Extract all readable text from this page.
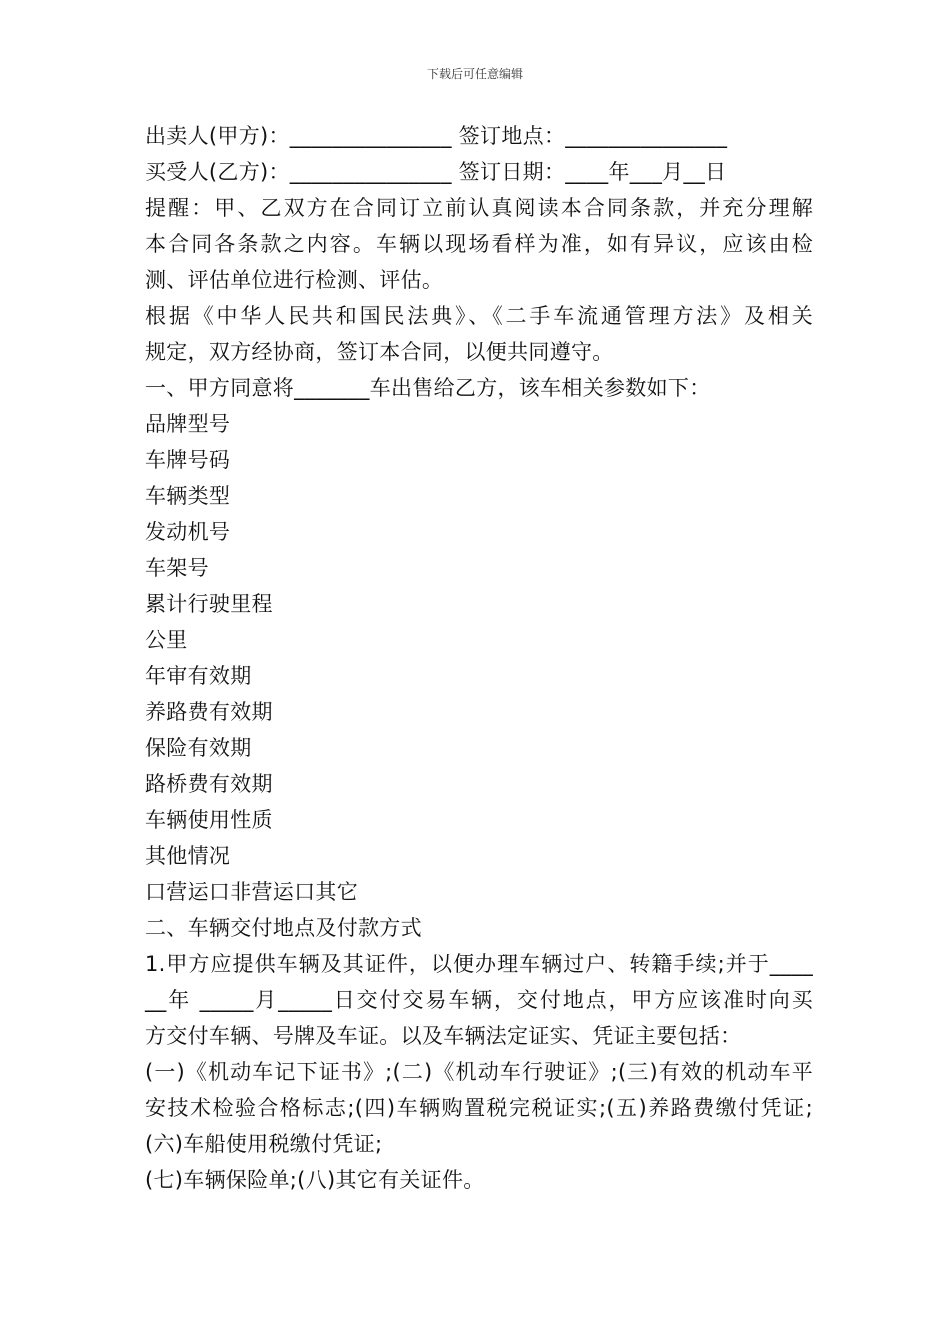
下载后可任意编辑
出卖人(甲方)：_______________ 签订地点：_______________
买受人(乙方)：_______________ 签订日期：____年___月__日
提醒：甲、乙双方在合同订立前认真阅读本合同条款，并充分理解
本合同各条款之内容。车辆以现场看样为准，如有异议，应该由检
测、评估单位进行检测、评估。
根据《中华人民共和国民法典》、《二手车流通管理方法》及相关
规定，双方经协商，签订本合同，以便共同遵守。
一、甲方同意将_______车出售给乙方，该车相关参数如下：
品牌型号
车牌号码
车辆类型
发动机号
车架号
累计行驶里程
公里
年审有效期
养路费有效期
保险有效期
路桥费有效期
车辆使用性质
其他情况
口营运口非营运口其它
二、车辆交付地点及付款方式
1.甲方应提供车辆及其证件，以便办理车辆过户、转籍手续;并于____
__年 _____月_____日交付交易车辆，交付地点，甲方应该准时向买
方交付车辆、号牌及车证。以及车辆法定证实、凭证主要包括：
(一)《机动车记下证书》;(二)《机动车行驶证》;(三)有效的机动车平
安技术检验合格标志;(四)车辆购置税完税证实;(五)养路费缴付凭证;
(六)车船使用税缴付凭证;
(七)车辆保险单;(八)其它有关证件。
